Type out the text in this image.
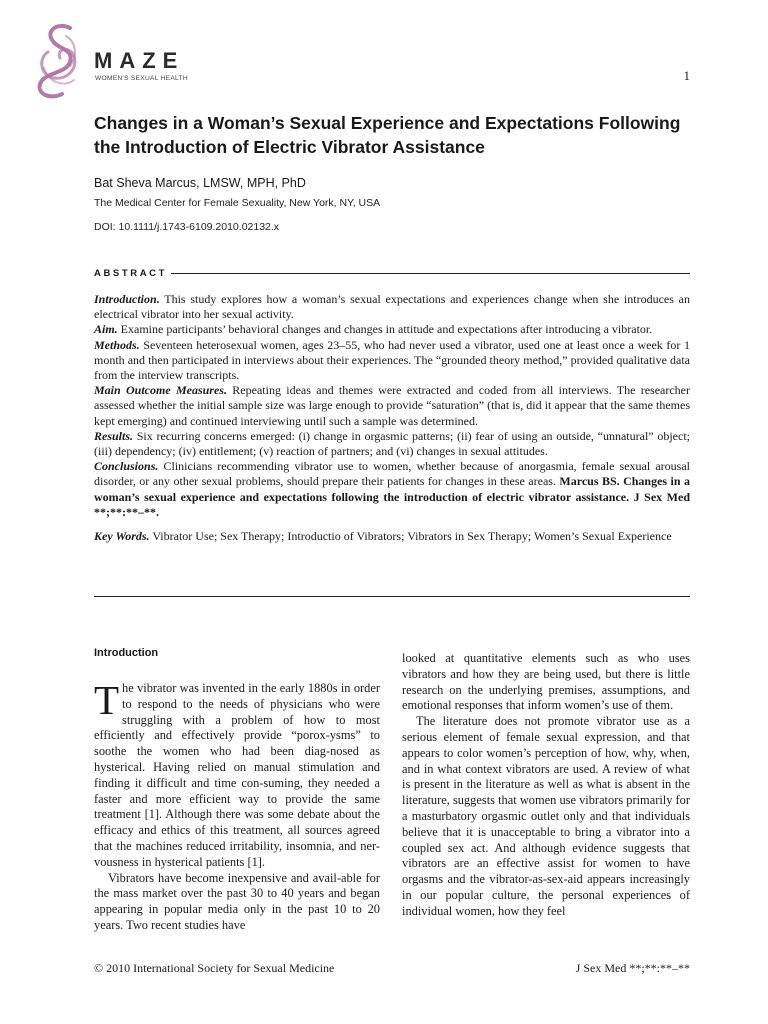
MAZE
WOMEN'S SEXUAL HEALTH	1
Changes in a Woman’s Sexual Experience and Expectations Following the Introduction of Electric Vibrator Assistance
Bat Sheva Marcus, LMSW, MPH, PhD
The Medical Center for Female Sexuality, New York, NY, USA
DOI: 10.1111/j.1743-6109.2010.02132.x
ABSTRACT

Introduction. This study explores how a woman’s sexual expectations and experiences change when she introduces an electrical vibrator into her sexual activity.

Aim. Examine participants’ behavioral changes and changes in attitude and expectations after introducing a vibrator.

Methods. Seventeen heterosexual women, ages 23–55, who had never used a vibrator, used one at least once a week for 1 month and then participated in interviews about their experiences. The “grounded theory method,” provided qualitative data from the interview transcripts.

Main Outcome Measures. Repeating ideas and themes were extracted and coded from all interviews. The researcher assessed whether the initial sample size was large enough to provide “saturation” (that is, did it appear that the same themes kept emerging) and continued interviewing until such a sample was determined.

Results. Six recurring concerns emerged: (i) change in orgasmic patterns; (ii) fear of using an outside, “unnatural” object; (iii) dependency; (iv) entitlement; (v) reaction of partners; and (vi) changes in sexual attitudes.

Conclusions. Clinicians recommending vibrator use to women, whether because of anorgasmia, female sexual arousal disorder, or any other sexual problems, should prepare their patients for changes in these areas. Marcus BS. Changes in a woman’s sexual experience and expectations following the introduction of electric vibrator assistance. J Sex Med **;**:**–**.

Key Words. Vibrator Use; Sex Therapy; Introductio of Vibrators; Vibrators in Sex Therapy; Women’s Sexual Experience

Introduction

The vibrator was invented in the early 1880s in order to respond to the needs of physicians who were struggling with a problem of how to most efficiently and effectively provide “porox-ysms” to soothe the women who had been diag-nosed as hysterical. Having relied on manual stimulation and finding it difficult and time con-suming, they needed a faster and more efficient way to provide the same treatment [1]. Although there was some debate about the efficacy and ethics of this treatment, all sources agreed that the machines reduced irritability, insomnia, and ner-vousness in hysterical patients [1].

Vibrators have become inexpensive and avail-able for the mass market over the past 30 to 40 years and began appearing in popular media only in the past 10 to 20 years. Two recent studies have

looked at quantitative elements such as who uses vibrators and how they are being used, but there is little research on the underlying premises, assumptions, and emotional responses that inform women’s use of them.

The literature does not promote vibrator use as a serious element of female sexual expression, and that appears to color women’s perception of how, why, when, and in what context vibrators are used. A review of what is present in the literature as well as what is absent in the literature, suggests that women use vibrators primarily for a masturbatory orgasmic outlet only and that individuals believe that it is unacceptable to bring a vibrator into a coupled sex act. And although evidence suggests that vibrators are an effective assist for women to have orgasms and the vibrator-as-sex-aid appears increasingly in our popular culture, the personal experiences of individual women, how they feel

© 2010 International Society for Sexual Medicine	J Sex Med **;**:**–**
